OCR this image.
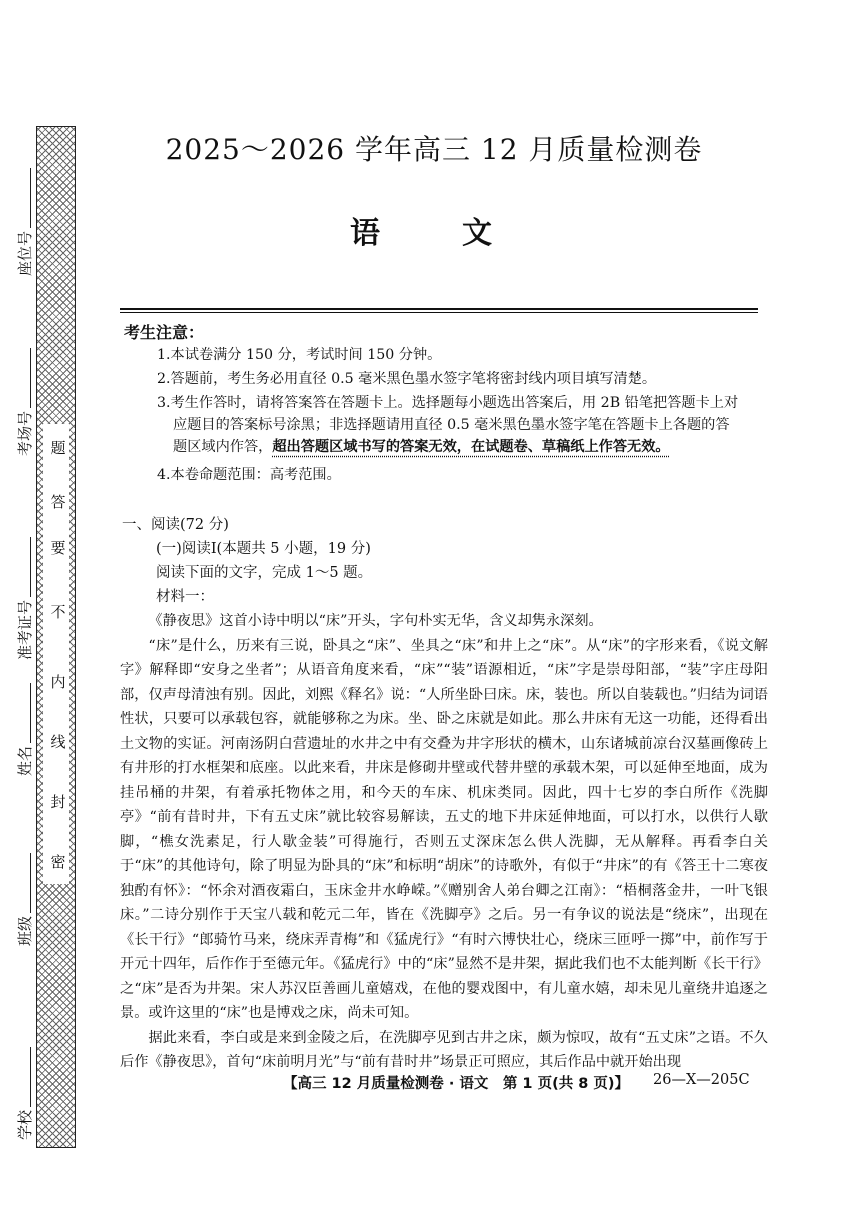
密
封
线
内
不
要
答
题
学校
班级
姓名
准考证号
考场号
座位号
2025～2026 学年高三 12 月质量检测卷
语　文
考生注意：
1.本试卷满分 150 分，考试时间 150 分钟。
2.答题前，考生务必用直径 0.5 毫米黑色墨水签字笔将密封线内项目填写清楚。
3.考生作答时，请将答案答在答题卡上。选择题每小题选出答案后，用 2B 铅笔把答题卡上对
应题目的答案标号涂黑；非选择题请用直径 0.5 毫米黑色墨水签字笔在答题卡上各题的答
题区域内作答，超出答题区域书写的答案无效，在试题卷、草稿纸上作答无效。
4.本卷命题范围：高考范围。
一、阅读(72 分)
(一)阅读Ⅰ(本题共 5 小题，19 分)
阅读下面的文字，完成 1～5 题。
材料一：

《静夜思》这首小诗中明以“床”开头，字句朴实无华，含义却隽永深刻。

“床”是什么，历来有三说，卧具之“床”、坐具之“床”和井上之“床”。从“床”的字形来看，《说文解字》解释即“安身之坐者”；从语音角度来看，“床”“装”语源相近，“床”字是崇母阳部，“装”字庄母阳部，仅声母清浊有别。因此，刘熙《释名》说：“人所坐卧曰床。床，装也。所以自装载也。”归结为词语性状，只要可以承载包容，就能够称之为床。坐、卧之床就是如此。那么井床有无这一功能，还得看出土文物的实证。河南汤阴白营遗址的水井之中有交叠为井字形状的横木，山东诸城前凉台汉墓画像砖上有井形的打水框架和底座。以此来看，井床是修砌井壁或代替井壁的承载木架，可以延伸至地面，成为挂吊桶的井架，有着承托物体之用，和今天的车床、机床类同。因此，四十七岁的李白所作《洗脚亭》“前有昔时井，下有五丈床”就比较容易解读，五丈的地下井床延伸地面，可以打水，以供行人歇脚，“樵女洗素足，行人歇金装”可得施行，否则五丈深床怎么供人洗脚，无从解释。再看李白关于“床”的其他诗句，除了明显为卧具的“床”和标明“胡床”的诗歌外，有似于“井床”的有《答王十二寒夜独酌有怀》：“怀余对酒夜霜白，玉床金井水峥嵘。”《赠别舍人弟台卿之江南》：“梧桐落金井，一叶飞银床。”二诗分别作于天宝八载和乾元二年，皆在《洗脚亭》之后。另一有争议的说法是“绕床”，出现在《长干行》“郎骑竹马来，绕床弄青梅”和《猛虎行》“有时六博快壮心，绕床三匝呼一掷”中，前作写于开元十四年，后作作于至德元年。《猛虎行》中的“床”显然不是井架，据此我们也不太能判断《长干行》之“床”是否为井架。宋人苏汉臣善画儿童嬉戏，在他的婴戏图中，有儿童水嬉，却未见儿童绕井追逐之景。或许这里的“床”也是博戏之床，尚未可知。

据此来看，李白或是来到金陵之后，在洗脚亭见到古井之床，颇为惊叹，故有“五丈床”之语。不久后作《静夜思》，首句“床前明月光”与“前有昔时井”场景正可照应，其后作品中就开始出现

【高三 12 月质量检测卷 · 语文　第 1 页(共 8 页)】 26—X—205C
